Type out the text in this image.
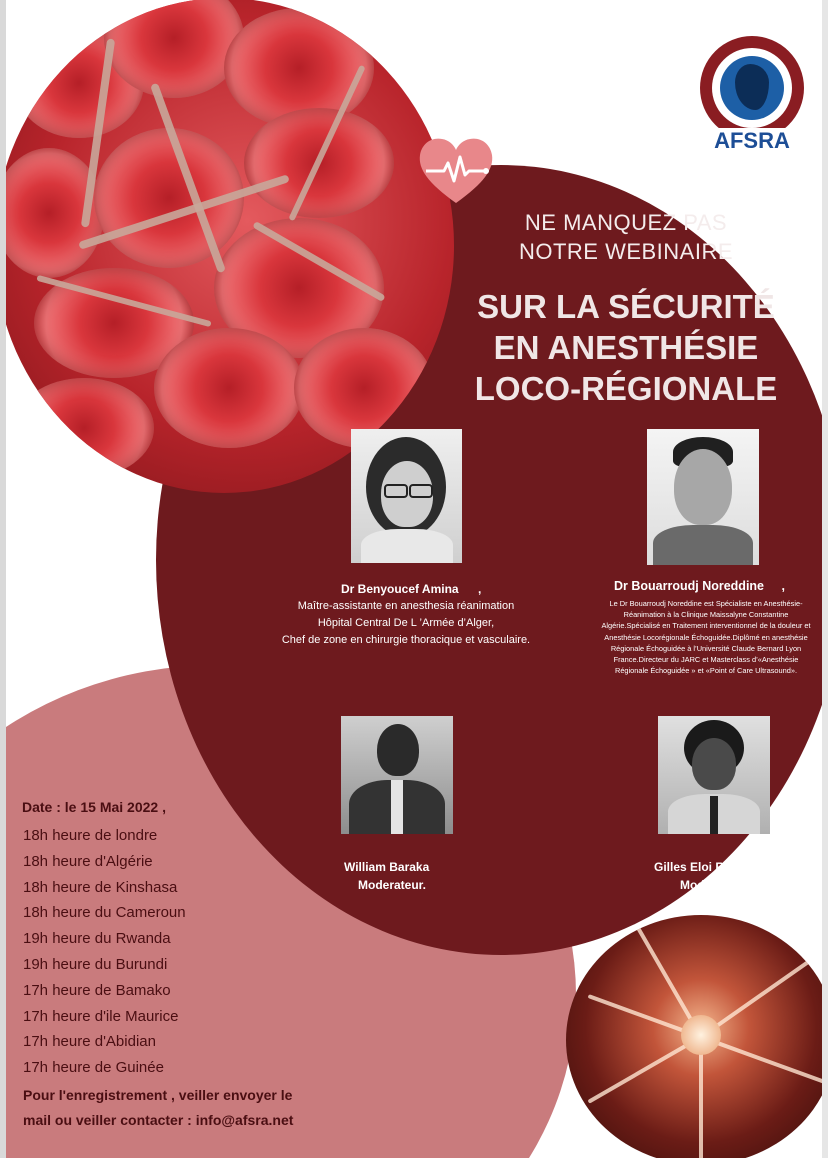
AFSRA
NE MANQUEZ PAS
NOTRE WEBINAIRE
SUR LA SÉCURITÉ
EN ANESTHÉSIE
LOCO-RÉGIONALE
Dr Benyoucef Amina ,
Maître-assistante en anesthesia réanimation
Hôpital Central De L ’Armée d’Alger,
Chef de zone en chirurgie thoracique et vasculaire.
Dr Bouarroudj Noreddine ,
Le Dr Bouarroudj Noreddine est Spécialiste en Anesthésie-
Réanimation à la Clinique Maissalyne Constantine
Algérie.Spécialisé en Traitement interventionnel de la douleur et
Anesthésie Locorégionale Échoguidée.Diplômé en anesthésie
Régionale Échoguidée à l’Université Claude Bernard Lyon
France.Directeur du JARC et Masterclass d’«Anesthésie
Régionale Échoguidée » et «Point of Care Ultrasound».
William Baraka
Moderateur.
Gilles Eloi Rwibuka
Moderateur.
Date : le 15 Mai 2022 ,
18h heure de londre
18h heure d'Algérie
18h heure de Kinshasa
18h heure du Cameroun
19h heure du Rwanda
19h heure du Burundi
17h heure de Bamako
17h heure d'ile Maurice
17h heure d'Abidian
17h heure de Guinée
Pour l'enregistrement , veiller envoyer le
mail ou veiller contacter : info@afsra.net
